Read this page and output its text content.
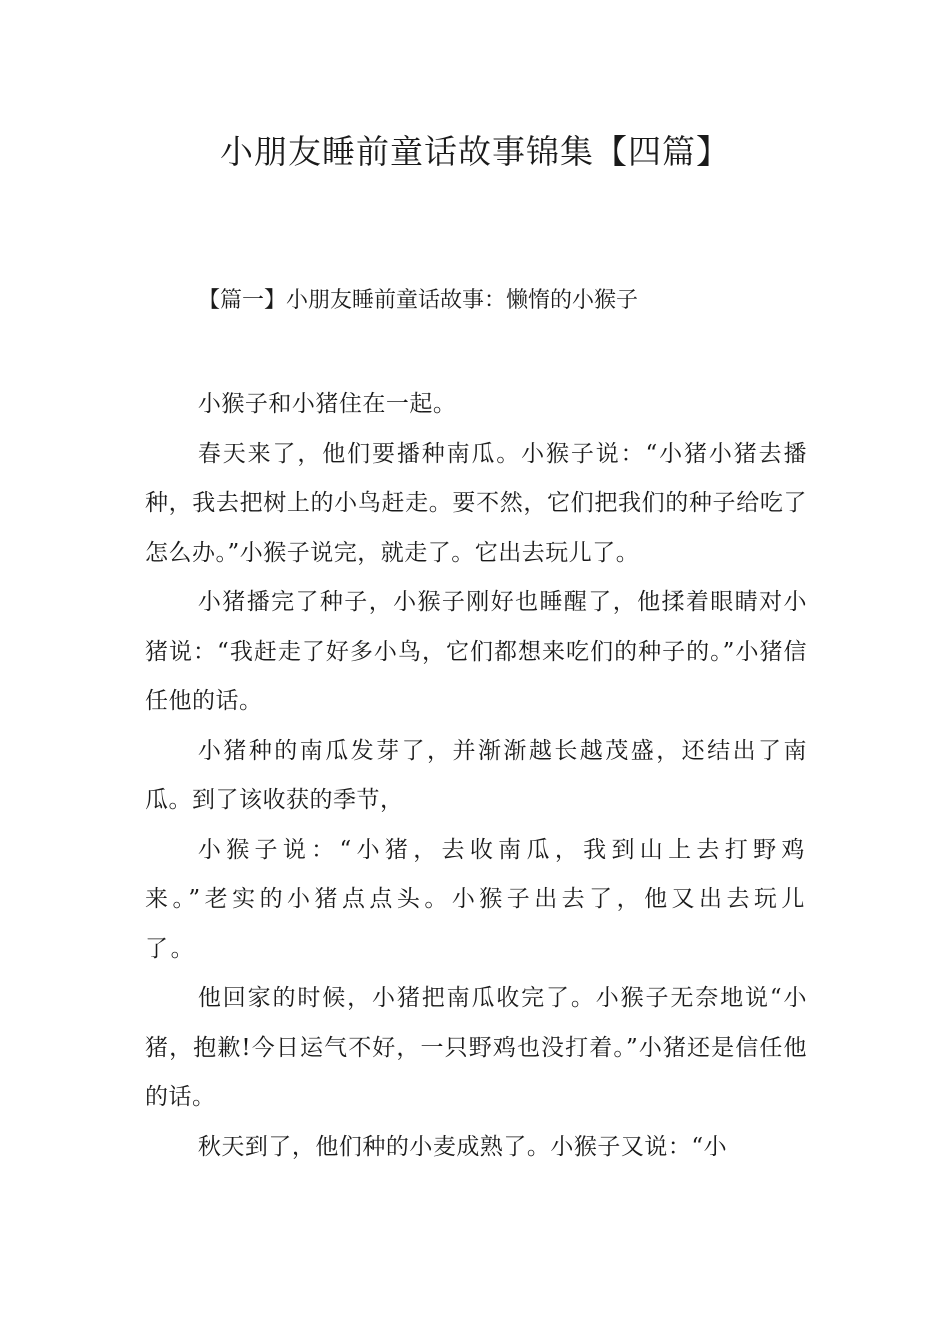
小朋友睡前童话故事锦集【四篇】
【篇一】小朋友睡前童话故事：懒惰的小猴子

小猴子和小猪住在一起。

春天来了，他们要播种南瓜。小猴子说：“小猪小猪去播种，我去把树上的小鸟赶走。要不然，它们把我们的种子给吃了怎么办。”小猴子说完，就走了。它出去玩儿了。

小猪播完了种子，小猴子刚好也睡醒了，他揉着眼睛对小猪说：“我赶走了好多小鸟，它们都想来吃们的种子的。”小猪信任他的话。

小猪种的南瓜发芽了，并渐渐越长越茂盛，还结出了南瓜。到了该收获的季节，

小猴子说：“小猪，去收南瓜，我到山上去打野鸡来。”老实的小猪点点头。小猴子出去了，他又出去玩儿了。

他回家的时候，小猪把南瓜收完了。小猴子无奈地说“小猪，抱歉!今日运气不好，一只野鸡也没打着。”小猪还是信任他的话。

秋天到了，他们种的小麦成熟了。小猴子又说：“小
